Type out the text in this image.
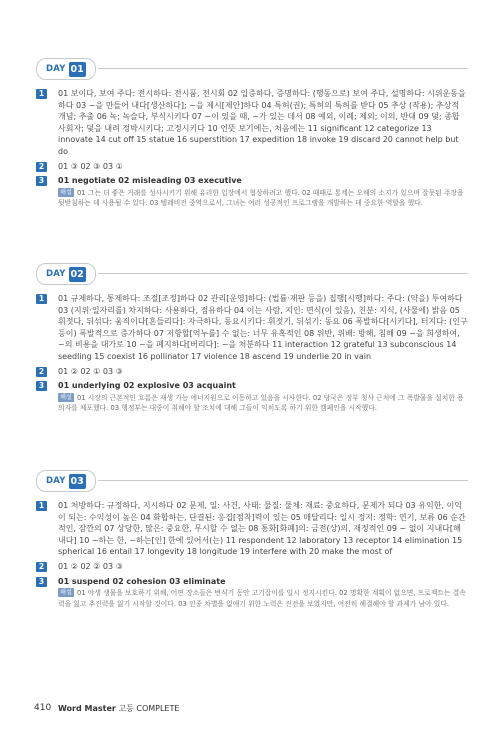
DAY 01
1	01 보이다, 보여 주다: 전시하다: 전시품, 전시회 02 입증하다, 증명하다: (행동으로) 보여 주다, 설명하다: 시위운동을 하다 03 ~을 만들어 내다[생산하다]; ~을 제시[제안]하다 04 특허(권); 특허의 특허를 받다 05 추상 (작용); 추상적 개념; 추출 06 녹; 녹슬다, 부식시키다 07 ~이 있을 때, ~가 있는 데서 08 예외, 이례; 제외; 이의, 반대 09 덫; 종합 사회자; 덫을 내려 정박시키다; 고정시키다 10 언뜻 보기에는, 처음에는 11 significant 12 categorize 13 innovate 14 cut off 15 statue 16 superstition 17 expedition 18 invoke 19 discard 20 cannot help but do
2	01 ③ 02 ③ 03 ①
3	01 negotiate 02 misleading 03 executive
해설 01 그는 더 좋은 거래를 성사시키기 위해 유리한 입장에서 협상하려고 했다. 02 때때로 통계는 오해의 소지가 있으며 잘못된 주장을 뒷받침하는 데 사용될 수 있다. 03 텔레비전 중역으로서, 그녀는 여러 성공적인 프로그램을 개발하는 데 중요한 역할을 했다.
DAY 02
1	01 규제하다, 통제하다: 조절[조정]하다 02 관리[운영]하다: (법률·재판 등을) 집행[시행]하다: 주다: (약을) 투여하다 03 (지위·일자리를) 차지하다: 사용하다, 점유하다 04 이는 사람, 지인: 면식(이 있음), 친분: 지식, (사물에) 밝음 05 휘젓다, 뒤섞다: 움직이다[흔들리다]: 자극하다, 동요시키다: 휘젓기, 뒤섞기: 동요 06 폭발하다[시키다], 터지다: (인구 등이) 폭발적으로 증가하다 07 저항할[억누를] 수 없는: 너무 유혹적인 08 위반, 위배: 방해, 침해 09 ~을 희생하여, ~의 비용을 대가로 10 ~을 폐지하다[버리다]: ~을 처분하다 11 interaction 12 grateful 13 subconscious 14 seedling 15 coexist 16 pollinator 17 violence 18 ascend 19 underlie 20 in vain
2	01 ② 02 ① 03 ③
3	01 underlying 02 explosive 03 acquaint
해설 01 시장의 근본적인 흐름은 재생 가능 에너지원으로 이동하고 있음을 시사한다. 02 당국은 정부 청사 근처에 그 폭발물을 설치한 용의자를 체포했다. 03 행정부는 대중이 취해야 할 조치에 대해 그들이 익히도록 하기 위한 캠페인을 시작했다.
DAY 03
1	01 처방하다: 규정하다, 지시하다 02 문제, 일: 사건, 사태: 물질: 물체: 재료: 중요하다, 문제가 되다 03 유익한, 이익이 되는: 수익성이 높은 04 화합하는, 단결된: 응집[점착]력이 있는 05 매달리다: 일시 정지: 정학: 연기, 보류 06 순간적인, 잠깐의 07 상당한, 많은: 중요한, 무시할 수 없는 08 통화[화폐]의: 금전(상)의, 재정적인 09 ~ 없이 지내다[해내다] 10 ~하는 한, ~하는[인] 한에 있어서(는) 11 respondent 12 laboratory 13 receptor 14 elimination 15 spherical 16 entail 17 longevity 18 longitude 19 interfere with 20 make the most of
2	01 ② 02 ② 03 ③
3	01 suspend 02 cohesion 03 eliminate
해설 01 야생 생물을 보호하기 위해, 어떤 장소들은 번식기 동안 고기잡이를 일시 정지시킨다. 02 명확한 계획이 없으면, 프로젝트는 결속력을 잃고 추진력을 잃기 시작할 것이다. 03 인종 차별을 없애기 위한 노력은 진전을 보였지만, 여전히 해결해야 할 과제가 남아 있다.
410 Word Master 고등 COMPLETE
